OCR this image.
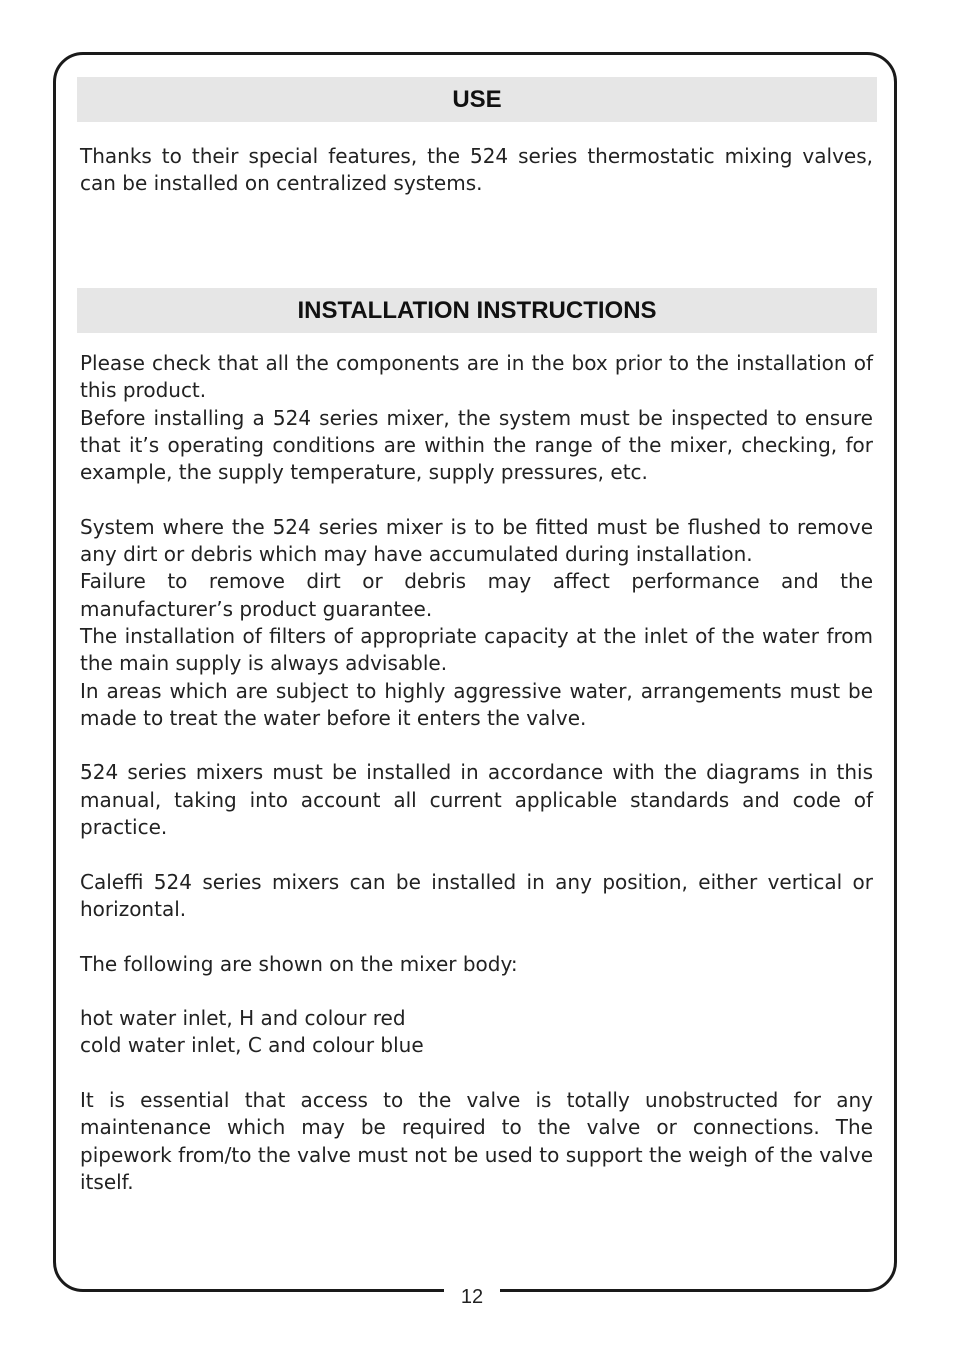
12
USE

Thanks to their special features, the 524 series thermostatic mixing valves, can be installed on centralized systems.

INSTALLATION INSTRUCTIONS

Please check that all the components are in the box prior to the installation of this product.
Before installing a 524 series mixer, the system must be inspected to ensure that it’s operating conditions are within the range of the mixer, checking, for example, the supply temperature, supply pressures, etc.

System where the 524 series mixer is to be fitted must be flushed to remove any dirt or debris which may have accumulated during installation.
Failure to remove dirt or debris may affect performance and the manufacturer’s product guarantee.
The installation of filters of appropriate capacity at the inlet of the water from the main supply is always advisable.
In areas which are subject to highly aggressive water, arrangements must be made to treat the water before it enters the valve.

524 series mixers must be installed in accordance with the diagrams in this manual, taking into account all current applicable standards and code of practice.

Caleffi 524 series mixers can be installed in any position, either vertical or horizontal.

The following are shown on the mixer body:

hot water inlet, H and colour red
cold water inlet, C and colour blue

It is essential that access to the valve is totally unobstructed for any maintenance which may be required to the valve or connections. The pipework from/to the valve must not be used to support the weigh of the valve itself.
